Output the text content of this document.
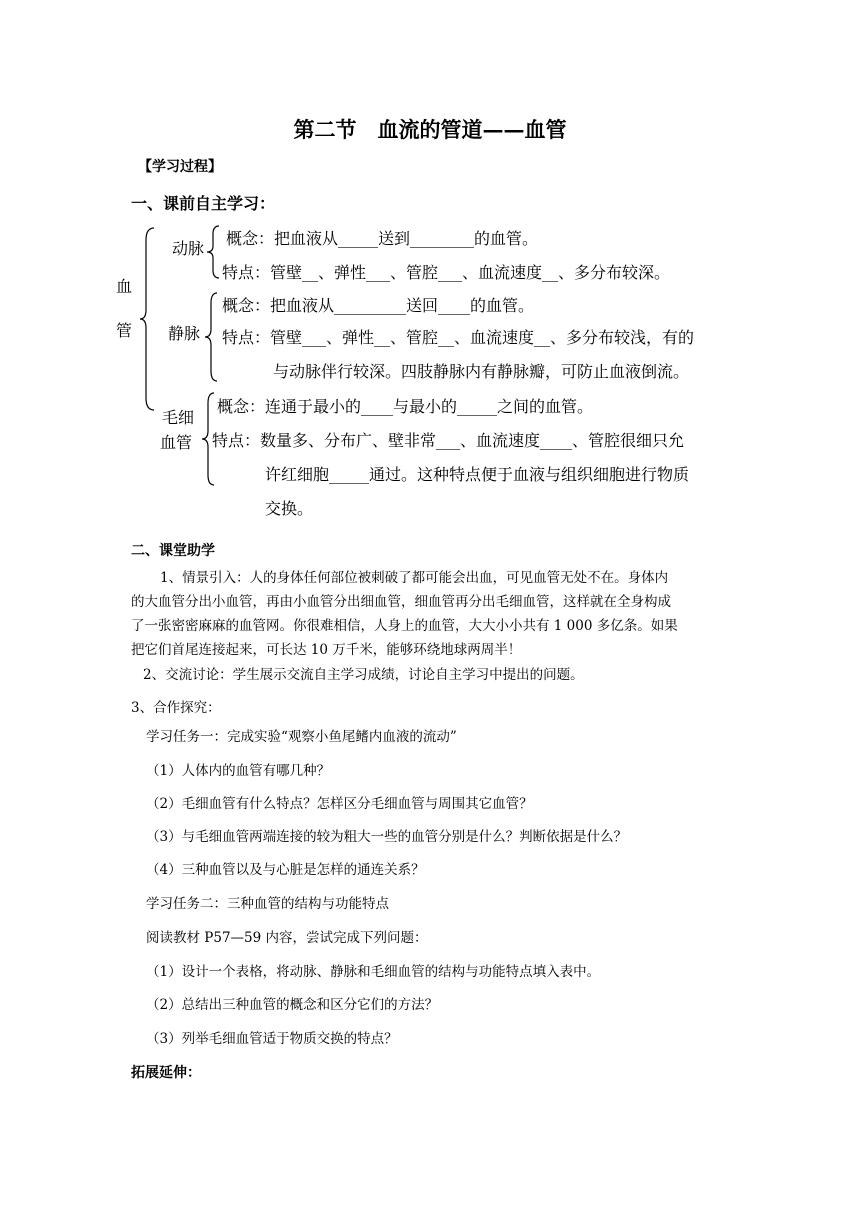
第二节　血流的管道——血管
【学习过程】
一、课前自主学习：
血
管
动脉
概念：把血液从_____送到________的血管。
特点：管壁__、弹性___、管腔___、血流速度__、多分布较深。
静脉
概念：把血液从_________送回____的血管。
特点：管壁___、弹性__、管腔__、血流速度__、多分布较浅，有的
与动脉伴行较深。四肢静脉内有静脉瓣，可防止血液倒流。
毛细
血管
概念：连通于最小的____与最小的_____之间的血管。
特点：数量多、分布广、壁非常___、血流速度____、管腔很细只允
许红细胞_____通过。这种特点便于血液与组织细胞进行物质
交换。
二、课堂助学
1、情景引入：人的身体任何部位被刺破了都可能会出血，可见血管无处不在。身体内
的大血管分出小血管，再由小血管分出细血管，细血管再分出毛细血管，这样就在全身构成
了一张密密麻麻的血管网。你很难相信，人身上的血管，大大小小共有 1 000 多亿条。如果
把它们首尾连接起来，可长达 10 万千米，能够环绕地球两周半！
2、交流讨论：学生展示交流自主学习成绩，讨论自主学习中提出的问题。
3、合作探究：
学习任务一：完成实验“观察小鱼尾鳍内血液的流动”
（1）人体内的血管有哪几种？
（2）毛细血管有什么特点？怎样区分毛细血管与周围其它血管？
（3）与毛细血管两端连接的较为粗大一些的血管分别是什么？判断依据是什么？
（4）三种血管以及与心脏是怎样的通连关系？
学习任务二：三种血管的结构与功能特点
阅读教材 P57—59 内容，尝试完成下列问题：
（1）设计一个表格，将动脉、静脉和毛细血管的结构与功能特点填入表中。
（2）总结出三种血管的概念和区分它们的方法？
（3）列举毛细血管适于物质交换的特点？
拓展延伸：
